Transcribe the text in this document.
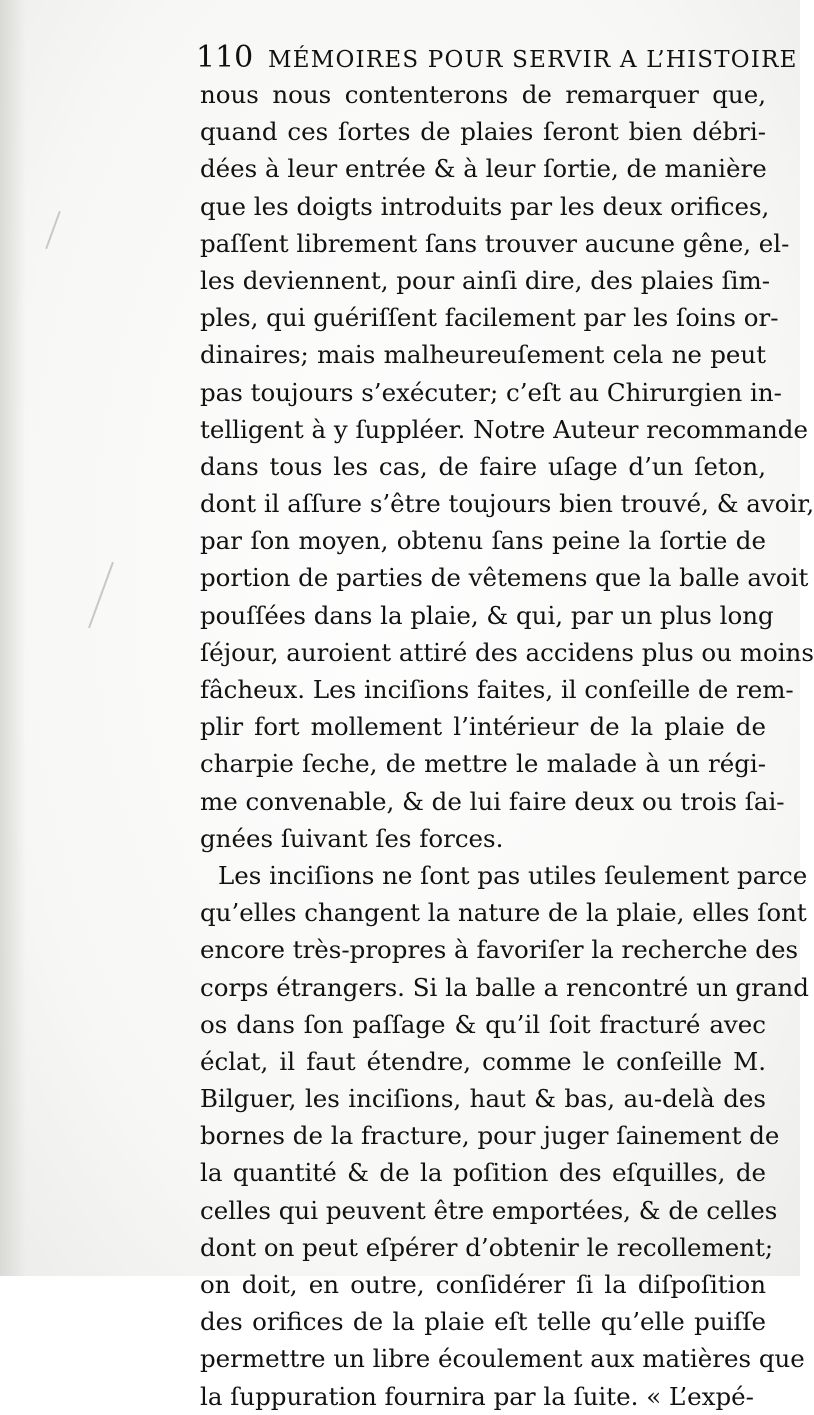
110 MÉMOIRES POUR SERVIR A L’HISTOIRE
nous nous contenterons de remarquer que,
quand ces ſortes de plaies ſeront bien débri-
dées à leur entrée & à leur ſortie, de manière
que les doigts introduits par les deux orifices,
paſſent librement ſans trouver aucune gêne, el-
les deviennent, pour ainſi dire, des plaies ſim-
ples, qui guériſſent facilement par les ſoins or-
dinaires; mais malheureuſement cela ne peut
pas toujours s’exécuter; c’eſt au Chirurgien in-
telligent à y ſuppléer. Notre Auteur recommande
dans tous les cas, de faire uſage d’un ſeton,
dont il aſſure s’être toujours bien trouvé, & avoir,
par ſon moyen, obtenu ſans peine la ſortie de
portion de parties de vêtemens que la balle avoit
pouſſées dans la plaie, & qui, par un plus long
ſéjour, auroient attiré des accidens plus ou moins
fâcheux. Les inciſions faites, il conſeille de rem-
plir fort mollement l’intérieur de la plaie de
charpie ſeche, de mettre le malade à un régi-
me convenable, & de lui faire deux ou trois ſai-
gnées ſuivant ſes forces.
Les inciſions ne ſont pas utiles ſeulement parce
qu’elles changent la nature de la plaie, elles ſont
encore très-propres à favoriſer la recherche des
corps étrangers. Si la balle a rencontré un grand
os dans ſon paſſage & qu’il ſoit fracturé avec
éclat, il faut étendre, comme le conſeille M.
Bilguer, les inciſions, haut & bas, au-delà des
bornes de la fracture, pour juger ſainement de
la quantité & de la poſition des eſquilles, de
celles qui peuvent être emportées, & de celles
dont on peut eſpérer d’obtenir le recollement;
on doit, en outre, conſidérer ſi la diſpoſition
des orifices de la plaie eſt telle qu’elle puiſſe
permettre un libre écoulement aux matières que
la ſuppuration fournira par la ſuite. « L’expé-
